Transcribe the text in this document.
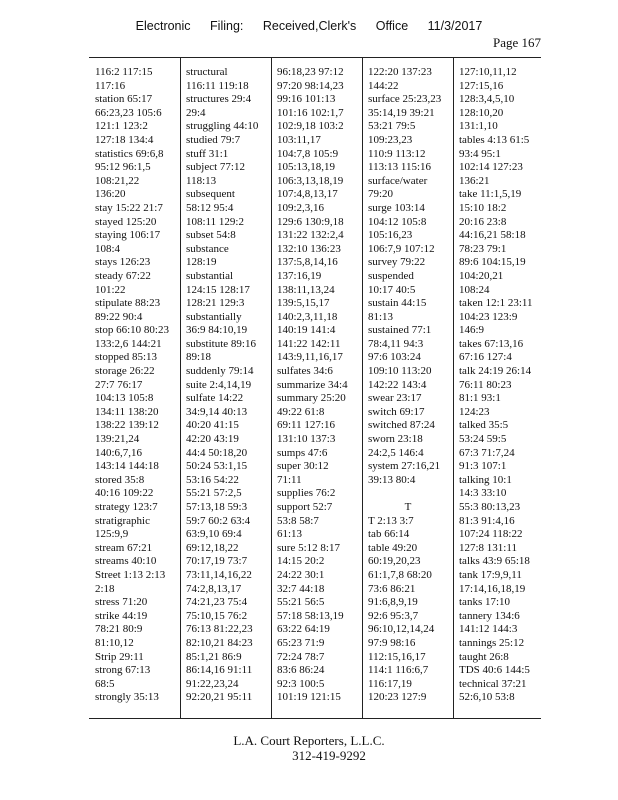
Electronic Filing: Received,Clerk's Office 11/3/2017
Page 167
116:2 117:15
117:16
station 65:17
66:23,23 105:6
121:1 123:2
127:18 134:4
statistics 69:6,8
95:12 96:1,5
108:21,22
136:20
stay 15:22 21:7
stayed 125:20
staying 106:17
108:4
stays 126:23
steady 67:22
101:22
stipulate 88:23
89:22 90:4
stop 66:10 80:23
133:2,6 144:21
stopped 85:13
storage 26:22
27:7 76:17
104:13 105:8
134:11 138:20
138:22 139:12
139:21,24
140:6,7,16
143:14 144:18
stored 35:8
40:16 109:22
strategy 123:7
stratigraphic
125:9,9
stream 67:21
streams 40:10
Street 1:13 2:13
2:18
stress 71:20
strike 44:19
78:21 80:9
81:10,12
Strip 29:11
strong 67:13
68:5
strongly 35:13
structural
116:11 119:18
structures 29:4
29:4
struggling 44:10
studied 79:7
stuff 31:1
subject 77:12
118:13
subsequent
58:12 95:4
108:11 129:2
subset 54:8
substance
128:19
substantial
124:15 128:17
128:21 129:3
substantially
36:9 84:10,19
substitute 89:16
89:18
suddenly 79:14
suite 2:4,14,19
sulfate 14:22
34:9,14 40:13
40:20 41:15
42:20 43:19
44:4 50:18,20
50:24 53:1,15
53:16 54:22
55:21 57:2,5
57:13,18 59:3
59:7 60:2 63:4
63:9,10 69:4
69:12,18,22
70:17,19 73:7
73:11,14,16,22
74:2,8,13,17
74:21,23 75:4
75:10,15 76:2
76:13 81:22,23
82:10,21 84:23
85:1,21 86:9
86:14,16 91:11
91:22,23,24
92:20,21 95:11
96:18,23 97:12
97:20 98:14,23
99:16 101:13
101:16 102:1,7
102:9,18 103:2
103:11,17
104:7,8 105:9
105:13,18,19
106:3,13,18,19
107:4,8,13,17
109:2,3,16
129:6 130:9,18
131:22 132:2,4
132:10 136:23
137:5,8,14,16
137:16,19
138:11,13,24
139:5,15,17
140:2,3,11,18
140:19 141:4
141:22 142:11
143:9,11,16,17
sulfates 34:6
summarize 34:4
summary 25:20
49:22 61:8
69:11 127:16
131:10 137:3
sumps 47:6
super 30:12
71:11
supplies 76:2
support 52:7
53:8 58:7
61:13
sure 5:12 8:17
14:15 20:2
24:22 30:1
32:7 44:18
55:21 56:5
57:18 58:13,19
63:22 64:19
65:23 71:9
72:24 78:7
83:6 86:24
92:3 100:5
101:19 121:15
122:20 137:23
144:22
surface 25:23,23
35:14,19 39:21
53:21 79:5
109:23,23
110:9 113:12
113:13 115:16
surface/water
79:20
surge 103:14
104:12 105:8
105:16,23
106:7,9 107:12
survey 79:22
suspended
10:17 40:5
sustain 44:15
81:13
sustained 77:1
78:4,11 94:3
97:6 103:24
109:10 113:20
142:22 143:4
swear 23:17
switch 69:17
switched 87:24
sworn 23:18
24:2,5 146:4
system 27:16,21
39:13 80:4

T
T 2:13 3:7
tab 66:14
table 49:20
60:19,20,23
61:1,7,8 68:20
73:6 86:21
91:6,8,9,19
92:6 95:3,7
96:10,12,14,24
97:9 98:16
112:15,16,17
114:1 116:6,7
116:17,19
120:23 127:9
127:10,11,12
127:15,16
128:3,4,5,10
128:10,20
131:1,10
tables 4:13 61:5
93:4 95:1
102:14 127:23
136:21
take 11:1,5,19
15:10 18:2
20:16 23:8
44:16,21 58:18
78:23 79:1
89:6 104:15,19
104:20,21
108:24
taken 12:1 23:11
104:23 123:9
146:9
takes 67:13,16
67:16 127:4
talk 24:19 26:14
76:11 80:23
81:1 93:1
124:23
talked 35:5
53:24 59:5
67:3 71:7,24
91:3 107:1
talking 10:1
14:3 33:10
55:3 80:13,23
81:3 91:4,16
107:24 118:22
127:8 131:11
talks 43:9 65:18
tank 17:9,9,11
17:14,16,18,19
tanks 17:10
tannery 134:6
141:12 144:3
tannings 25:12
taught 26:8
TDS 40:6 144:5
technical 37:21
52:6,10 53:8
L.A. Court Reporters, L.L.C.
312-419-9292
